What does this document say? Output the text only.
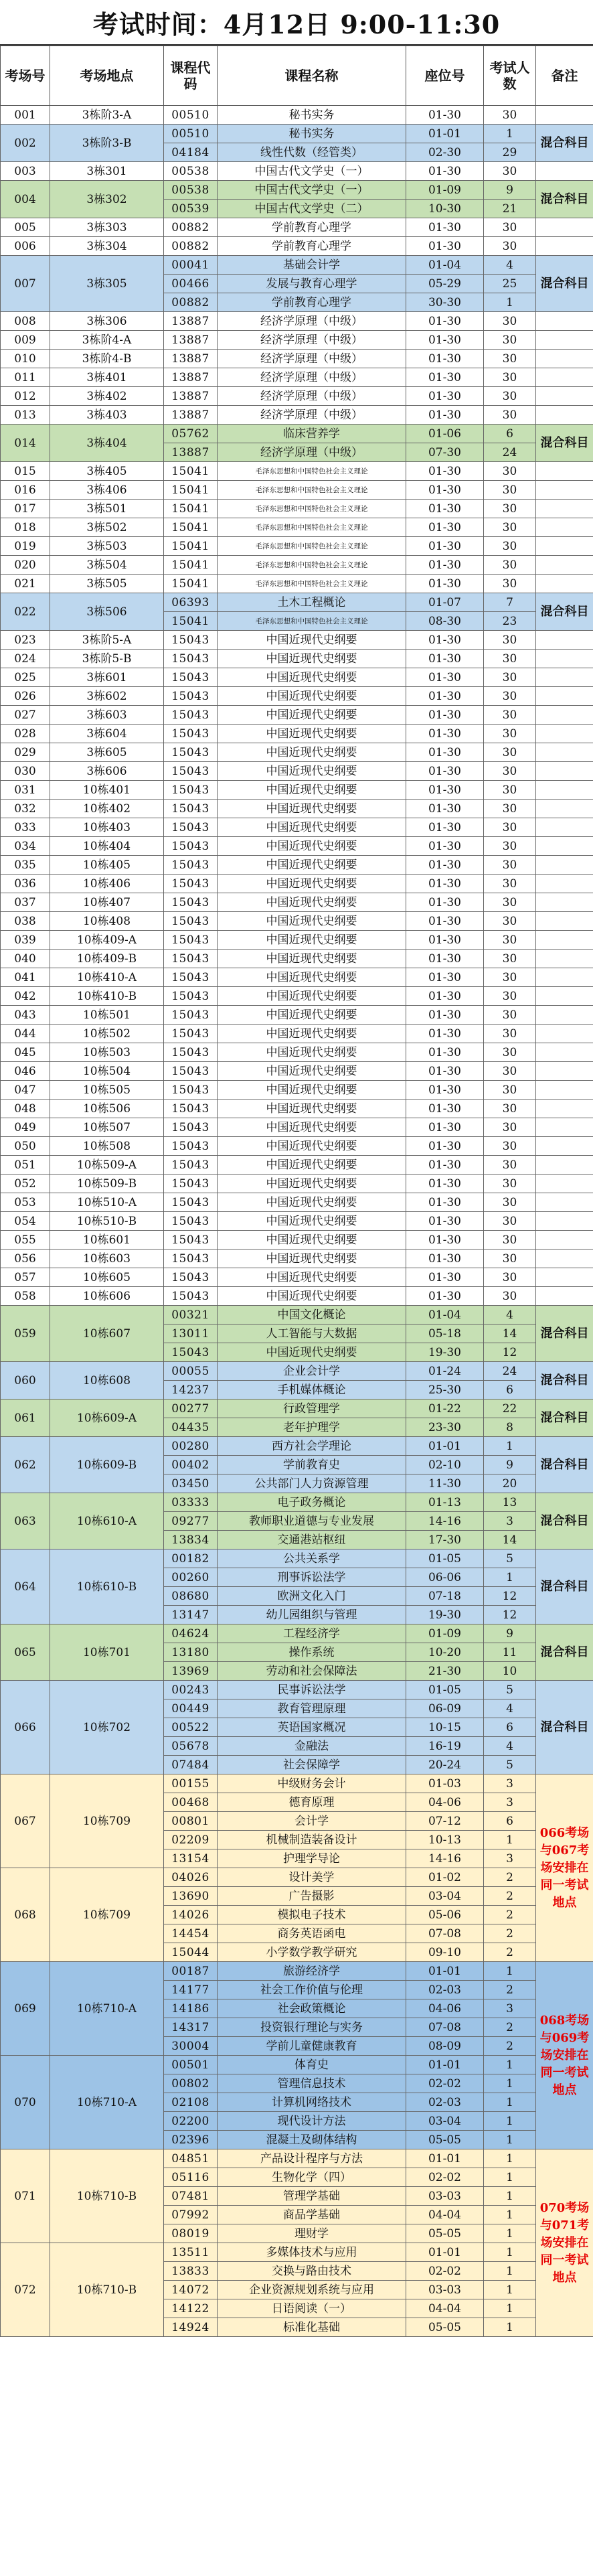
考试时间：4月12日 9:00-11:30
考场号	考场地点	课程代码	课程名称	座位号	考试人数	备注
001	3栋阶3-A	00510	秘书实务	01-30	30	
002	3栋阶3-B	00510	秘书实务	01-01	1	混合科目
		04184	线性代数（经管类）	02-30	29	
003	3栋301	00538	中国古代文学史（一）	01-30	30	
004	3栋302	00538	中国古代文学史（一）	01-09	9	混合科目
		00539	中国古代文学史（二）	10-30	21	
005	3栋303	00882	学前教育心理学	01-30	30	
006	3栋304	00882	学前教育心理学	01-30	30	
007	3栋305	00041	基础会计学	01-04	4	混合科目
		00466	发展与教育心理学	05-29	25	
		00882	学前教育心理学	30-30	1	
008	3栋306	13887	经济学原理（中级）	01-30	30	
009	3栋阶4-A	13887	经济学原理（中级）	01-30	30	
010	3栋阶4-B	13887	经济学原理（中级）	01-30	30	
011	3栋401	13887	经济学原理（中级）	01-30	30	
012	3栋402	13887	经济学原理（中级）	01-30	30	
013	3栋403	13887	经济学原理（中级）	01-30	30	
014	3栋404	05762	临床营养学	01-06	6	混合科目
		13887	经济学原理（中级）	07-30	24	
015	3栋405	15041	毛泽东思想和中国特色社会主义理论	01-30	30	
016	3栋406	15041	毛泽东思想和中国特色社会主义理论	01-30	30	
017	3栋501	15041	毛泽东思想和中国特色社会主义理论	01-30	30	
018	3栋502	15041	毛泽东思想和中国特色社会主义理论	01-30	30	
019	3栋503	15041	毛泽东思想和中国特色社会主义理论	01-30	30	
020	3栋504	15041	毛泽东思想和中国特色社会主义理论	01-30	30	
021	3栋505	15041	毛泽东思想和中国特色社会主义理论	01-30	30	
022	3栋506	06393	土木工程概论	01-07	7	混合科目
		15041	毛泽东思想和中国特色社会主义理论	08-30	23	
023	3栋阶5-A	15043	中国近现代史纲要	01-30	30	
024	3栋阶5-B	15043	中国近现代史纲要	01-30	30	
025	3栋601	15043	中国近现代史纲要	01-30	30	
026	3栋602	15043	中国近现代史纲要	01-30	30	
027	3栋603	15043	中国近现代史纲要	01-30	30	
028	3栋604	15043	中国近现代史纲要	01-30	30	
029	3栋605	15043	中国近现代史纲要	01-30	30	
030	3栋606	15043	中国近现代史纲要	01-30	30	
031	10栋401	15043	中国近现代史纲要	01-30	30	
032	10栋402	15043	中国近现代史纲要	01-30	30	
033	10栋403	15043	中国近现代史纲要	01-30	30	
034	10栋404	15043	中国近现代史纲要	01-30	30	
035	10栋405	15043	中国近现代史纲要	01-30	30	
036	10栋406	15043	中国近现代史纲要	01-30	30	
037	10栋407	15043	中国近现代史纲要	01-30	30	
038	10栋408	15043	中国近现代史纲要	01-30	30	
039	10栋409-A	15043	中国近现代史纲要	01-30	30	
040	10栋409-B	15043	中国近现代史纲要	01-30	30	
041	10栋410-A	15043	中国近现代史纲要	01-30	30	
042	10栋410-B	15043	中国近现代史纲要	01-30	30	
043	10栋501	15043	中国近现代史纲要	01-30	30	
044	10栋502	15043	中国近现代史纲要	01-30	30	
045	10栋503	15043	中国近现代史纲要	01-30	30	
046	10栋504	15043	中国近现代史纲要	01-30	30	
047	10栋505	15043	中国近现代史纲要	01-30	30	
048	10栋506	15043	中国近现代史纲要	01-30	30	
049	10栋507	15043	中国近现代史纲要	01-30	30	
050	10栋508	15043	中国近现代史纲要	01-30	30	
051	10栋509-A	15043	中国近现代史纲要	01-30	30	
052	10栋509-B	15043	中国近现代史纲要	01-30	30	
053	10栋510-A	15043	中国近现代史纲要	01-30	30	
054	10栋510-B	15043	中国近现代史纲要	01-30	30	
055	10栋601	15043	中国近现代史纲要	01-30	30	
056	10栋603	15043	中国近现代史纲要	01-30	30	
057	10栋605	15043	中国近现代史纲要	01-30	30	
058	10栋606	15043	中国近现代史纲要	01-30	30	
059	10栋607	00321	中国文化概论	01-04	4	混合科目
		13011	人工智能与大数据	05-18	14	
		15043	中国近现代史纲要	19-30	12	
060	10栋608	00055	企业会计学	01-24	24	混合科目
		14237	手机媒体概论	25-30	6	
061	10栋609-A	00277	行政管理学	01-22	22	混合科目
		04435	老年护理学	23-30	8	
062	10栋609-B	00280	西方社会学理论	01-01	1	混合科目
		00402	学前教育史	02-10	9	
		03450	公共部门人力资源管理	11-30	20	
063	10栋610-A	03333	电子政务概论	01-13	13	混合科目
		09277	教师职业道德与专业发展	14-16	3	
		13834	交通港站枢纽	17-30	14	
064	10栋610-B	00182	公共关系学	01-05	5	混合科目
		00260	刑事诉讼法学	06-06	1	
		08680	欧洲文化入门	07-18	12	
		13147	幼儿园组织与管理	19-30	12	
065	10栋701	04624	工程经济学	01-09	9	混合科目
		13180	操作系统	10-20	11	
		13969	劳动和社会保障法	21-30	10	
066	10栋702	00243	民事诉讼法学	01-05	5	混合科目
		00449	教育管理原理	06-09	4	
		00522	英语国家概况	10-15	6	
		05678	金融法	16-19	4	
		07484	社会保障学	20-24	5	
067	10栋709	00155	中级财务会计	01-03	3	066考场与067考场安排在同一考试地点
		00468	德育原理	04-06	3	
		00801	会计学	07-12	6	
		02209	机械制造装备设计	10-13	1	
		13154	护理学导论	14-16	3	
068	10栋709	04026	设计美学	01-02	2	
		13690	广告摄影	03-04	2	
		14026	模拟电子技术	05-06	2	
		14454	商务英语函电	07-08	2	
		15044	小学数学教学研究	09-10	2	
069	10栋710-A	00187	旅游经济学	01-01	1	068考场与069考场安排在同一考试地点
		14177	社会工作价值与伦理	02-03	2	
		14186	社会政策概论	04-06	3	
		14317	投资银行理论与实务	07-08	2	
		30004	学前儿童健康教育	08-09	2	
070	10栋710-A	00501	体育史	01-01	1	
		00802	管理信息技术	02-02	1	
		02108	计算机网络技术	02-03	1	
		02200	现代设计方法	03-04	1	
		02396	混凝土及砌体结构	05-05	1	
071	10栋710-B	04851	产品设计程序与方法	01-01	1	070考场与071考场安排在同一考试地点
		05116	生物化学（四）	02-02	1	
		07481	管理学基础	03-03	1	
		07992	商品学基础	04-04	1	
		08019	理财学	05-05	1	
072	10栋710-B	13511	多媒体技术与应用	01-01	1	
		13833	交换与路由技术	02-02	1	
		14072	企业资源规划系统与应用	03-03	1	
		14122	日语阅读（一）	04-04	1	
		14924	标准化基础	05-05	1	
